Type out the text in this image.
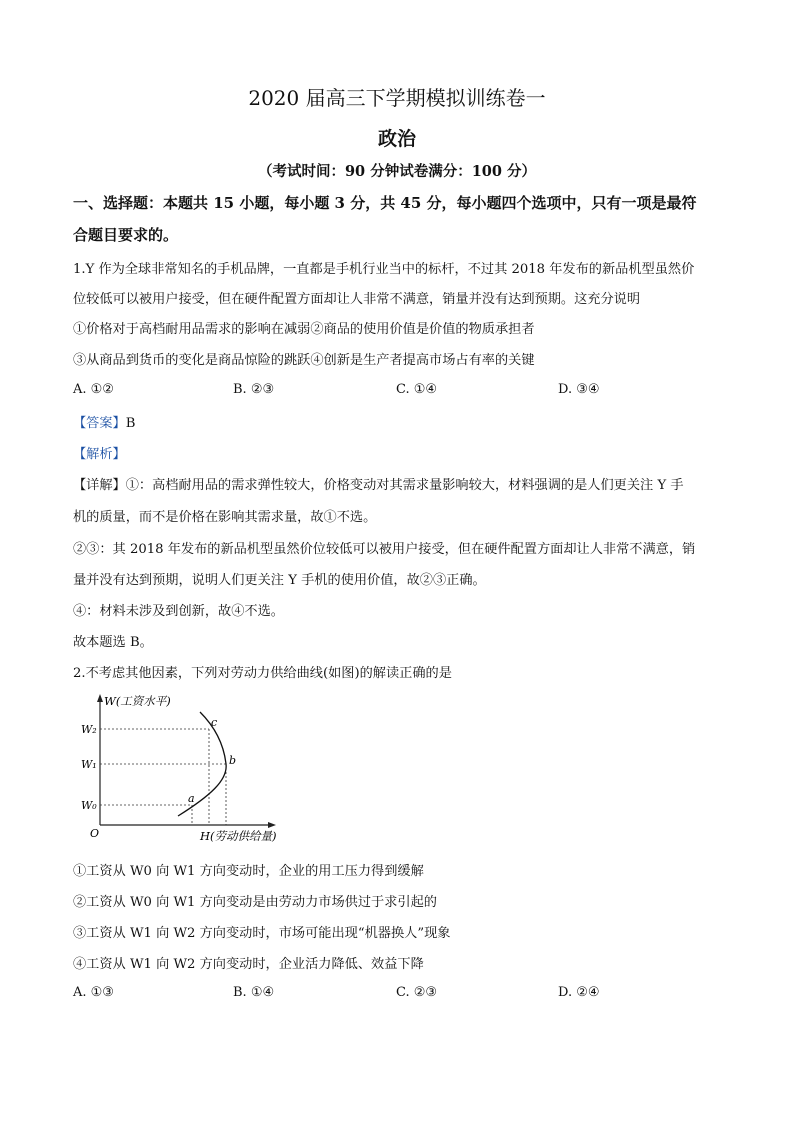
2020 届高三下学期模拟训练卷一
政治
（考试时间：90 分钟试卷满分：100 分）
一、选择题：本题共 15 小题，每小题 3 分，共 45 分，每小题四个选项中，只有一项是最符
合题目要求的。
1.Y 作为全球非常知名的手机品牌，一直都是手机行业当中的标杆，不过其 2018 年发布的新品机型虽然价
位较低可以被用户接受，但在硬件配置方面却让人非常不满意，销量并没有达到预期。这充分说明
①价格对于高档耐用品需求的影响在减弱②商品的使用价值是价值的物质承担者
③从商品到货币的变化是商品惊险的跳跃④创新是生产者提高市场占有率的关键
A. ①②	B. ②③	C. ①④	D. ③④
【答案】B
【解析】
【详解】①：高档耐用品的需求弹性较大，价格变动对其需求量影响较大，材料强调的是人们更关注 Y 手
机的质量，而不是价格在影响其需求量，故①不选。
②③：其 2018 年发布的新品机型虽然价位较低可以被用户接受，但在硬件配置方面却让人非常不满意，销
量并没有达到预期，说明人们更关注 Y 手机的使用价值，故②③正确。
④：材料未涉及到创新，故④不选。
故本题选 B。
2.不考虑其他因素，下列对劳动力供给曲线(如图)的解读正确的是
W(工资水平)
H(劳动供给量)
O
W₂
W₁
W₀
c
b
a
①工资从 W0 向 W1 方向变动时，企业的用工压力得到缓解
②工资从 W0 向 W1 方向变动是由劳动力市场供过于求引起的
③工资从 W1 向 W2 方向变动时，市场可能出现“机器换人”现象
④工资从 W1 向 W2 方向变动时，企业活力降低、效益下降
A. ①③	B. ①④	C. ②③	D. ②④
